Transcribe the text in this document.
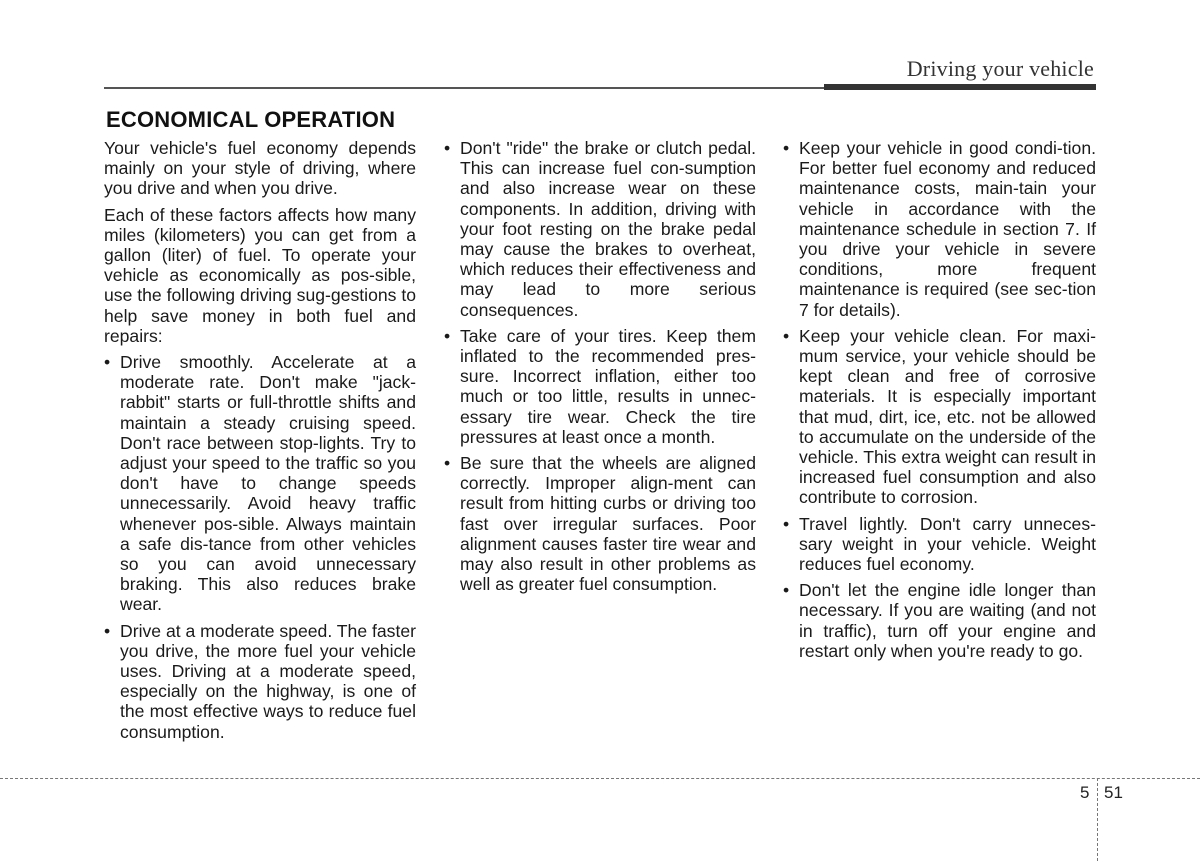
Driving your vehicle
ECONOMICAL OPERATION

Your vehicle's fuel economy depends mainly on your style of driving, where you drive and when you drive.

Each of these factors affects how many miles (kilometers) you can get from a gallon (liter) of fuel. To operate your vehicle as economically as pos-sible, use the following driving sug-gestions to help save money in both fuel and repairs:

• Drive smoothly. Accelerate at a moderate rate. Don't make "jack-rabbit" starts or full-throttle shifts and maintain a steady cruising speed. Don't race between stop-lights. Try to adjust your speed to the traffic so you don't have to change speeds unnecessarily. Avoid heavy traffic whenever pos-sible. Always maintain a safe dis-tance from other vehicles so you can avoid unnecessary braking. This also reduces brake wear.
• Drive at a moderate speed. The faster you drive, the more fuel your vehicle uses. Driving at a moderate speed, especially on the highway, is one of the most effective ways to reduce fuel consumption.
• Don't "ride" the brake or clutch pedal. This can increase fuel con-sumption and also increase wear on these components. In addition, driving with your foot resting on the brake pedal may cause the brakes to overheat, which reduces their effectiveness and may lead to more serious consequences.
• Take care of your tires. Keep them inflated to the recommended pres-sure. Incorrect inflation, either too much or too little, results in unnec-essary tire wear. Check the tire pressures at least once a month.
• Be sure that the wheels are aligned correctly. Improper align-ment can result from hitting curbs or driving too fast over irregular surfaces. Poor alignment causes faster tire wear and may also result in other problems as well as greater fuel consumption.
• Keep your vehicle in good condi-tion. For better fuel economy and reduced maintenance costs, main-tain your vehicle in accordance with the maintenance schedule in section 7. If you drive your vehicle in severe conditions, more frequent maintenance is required (see sec-tion 7 for details).
• Keep your vehicle clean. For maxi-mum service, your vehicle should be kept clean and free of corrosive materials. It is especially important that mud, dirt, ice, etc. not be allowed to accumulate on the underside of the vehicle. This extra weight can result in increased fuel consumption and also contribute to corrosion.
• Travel lightly. Don't carry unneces-sary weight in your vehicle. Weight reduces fuel economy.
• Don't let the engine idle longer than necessary. If you are waiting (and not in traffic), turn off your engine and restart only when you're ready to go.
5 51
